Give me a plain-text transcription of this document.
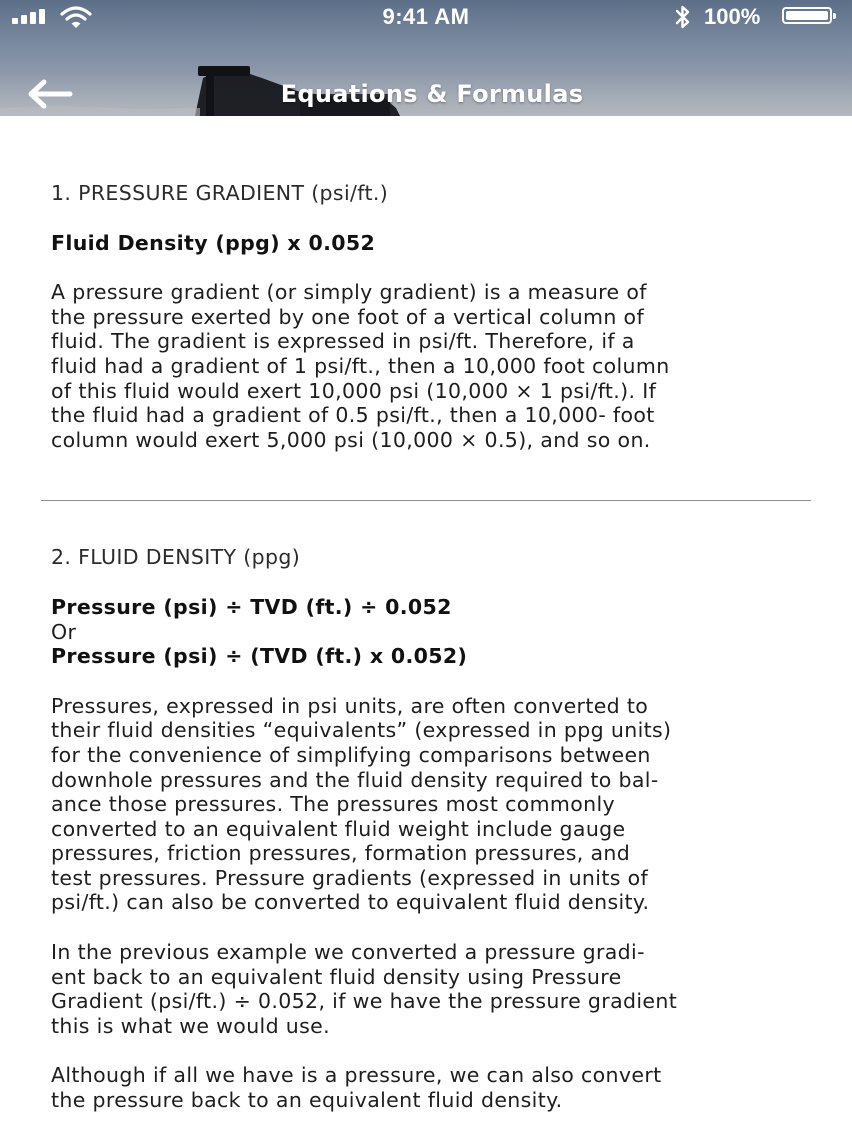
9:41 AM	100%
Equations & Formulas
1. PRESSURE GRADIENT (psi/ft.)

Fluid Density (ppg) x 0.052

A pressure gradient (or simply gradient) is a measure of

the pressure exerted by one foot of a vertical column of

fluid. The gradient is expressed in psi/ft. Therefore, if a

fluid had a gradient of 1 psi/ft., then a 10,000 foot column

of this fluid would exert 10,000 psi (10,000 × 1 psi/ft.). If

the fluid had a gradient of 0.5 psi/ft., then a 10,000- foot

column would exert 5,000 psi (10,000 × 0.5), and so on.

2. FLUID DENSITY (ppg)

Pressure (psi) ÷ TVD (ft.) ÷ 0.052

Or

Pressure (psi) ÷ (TVD (ft.) x 0.052)

Pressures, expressed in psi units, are often converted to

their fluid densities “equivalents” (expressed in ppg units)

for the convenience of simplifying comparisons between

downhole pressures and the fluid density required to bal-

ance those pressures. The pressures most commonly

converted to an equivalent fluid weight include gauge

pressures, friction pressures, formation pressures, and

test pressures. Pressure gradients (expressed in units of

psi/ft.) can also be converted to equivalent fluid density.

In the previous example we converted a pressure gradi-

ent back to an equivalent fluid density using Pressure

Gradient (psi/ft.) ÷ 0.052, if we have the pressure gradient

this is what we would use.

Although if all we have is a pressure, we can also convert

the pressure back to an equivalent fluid density.
